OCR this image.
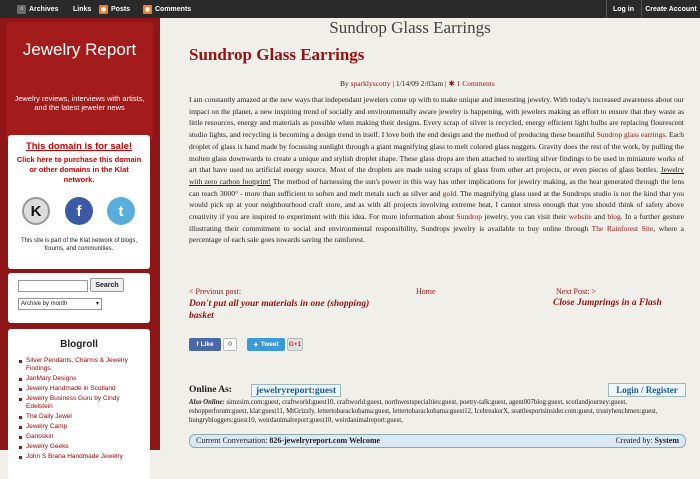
⌂ Archives Links	◉ Posts	◉ Comments	Log in Create Account
Jewelry Report
Jewelry reviews, interviews with artists, and the latest jeweler news
This domain is for sale!
Click here to purchase this domain or other domains in the Klat network.
K	f	t
This site is part of the Klat network of blogs, forums, and communities.
Search
Archive by month	▾
Blogroll
Silver Pendants, Charms & Jewelry Findings.
JanMary Designs
Jewelry Handmade in Scotland
Jewelry Business Guru by Cindy Edelstein
The Daily Jewel
Jewelry Camp
Ganoskin
Jewelry Geeks
John S Brana Handmade Jewelry
Sundrop Glass Earrings
Sundrop Glass Earrings
By sparklyscotty | 1/14/09 2:03am | ✱ 1 Comments
I am constantly amazed at the new ways that independant jewelers come up with to make unique and interesting jewelry. With today's increased awareness about our impact on the planet, a new inspiring trend of socially and environmentally aware jewelry is happening, with jewelers making an effort to ensure that they waste as little resources, energy and materials as possible when making their designs. Every scrap of silver is recycled, energy efficient light bulbs are replacing flourescent studio lights, and recycling is becoming a design trend in itself. I love both the end design and the method of producing these beautiful Sundrop glass earrings. Each droplet of glass is hand made by focussing sunlight through a giant magnifying glass to melt colored glass nuggets. Gravity does the rest of the work, by pulling the molten glass downwards to create a unique and stylish droplet shape. These glass drops are then attached to sterling silver findings to be used in miniature works of art that have used no artificial energy source. Most of the droplets are made using scraps of glass from other art projects, or even pieces of glass bottles. Jewelry with zero carbon footprint! The method of harnessing the sun's power in this way has other implications for jewelry making, as the heat generated through the lens can reach 3000° - more than sufficient to soften and melt metals such as silver and gold. The magnifying glass used at the Sundrops studio is not the kind that you would pick up at your neighbourhood craft store, and as with all projects involving extreme heat, I cannot stress enough that you should think of safety above creativity if you are inspired to experiment with this idea. For more information about Sundrop jewelry, you can visit their website and blog. In a further gesture illustrating their commitment to social and environmental responsibility, Sundrops jewelry is available to buy online through The Rainforest Site, where a percentage of each sale goes towards saving the rainforest.
< Previous post:
Don't put all your materials in one (shopping) basket
Home	Next Post: >
Close Jumprings in a Flash
f Like	0	✦ Tweet G+1
Online As:	jewelryreport:guest	Login / Register
Also Online: simzsim.com:guest, craftworld:guest10, craftworld:guest, northwestspecialties:guest, poetry-talk:guest, agent007blog:guest, scotlandjourney:guest, eshopperforum:guest, klat:guest11, MtGrizzly, lettertobarackobama:guest, lettertobarackobama:guest12, IcebreakerX, seattlesportsinsider.com:guest, trustyhenchmen:guest, hungrybloggers:guest10, weirdanimalreport:guest10, weirdanimalreport:guest,
Current Conversation: 826-jewelryreport.com Welcome	Created by: System
